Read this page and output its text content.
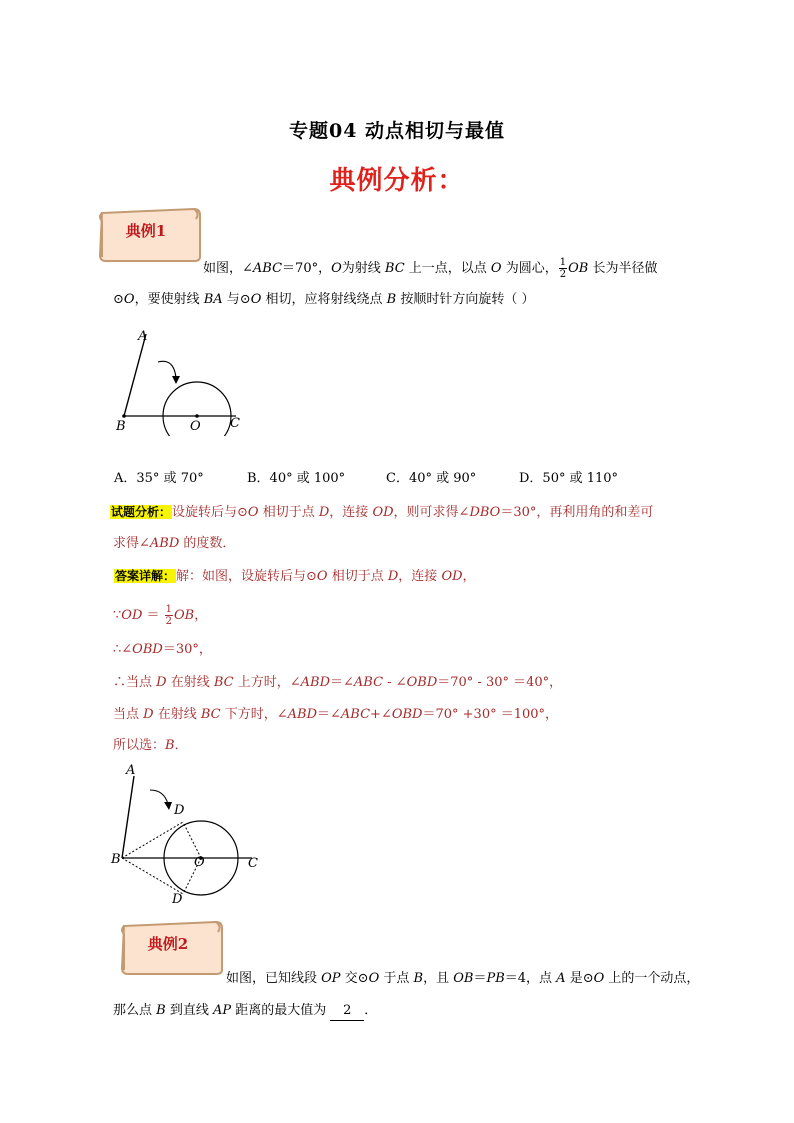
专题04 动点相切与最值
典例分析：
典例1
如图，∠ABC＝70°，O为射线 BC 上一点，以点 O 为圆心， $\frac{1}{2}$ OB 长为半径做
⊙O，要使射线 BA 与⊙O 相切，应将射线绕点 B 按顺时针方向旋转（ ）
A
B	O C
A．35° 或 70°	B．40° 或 100°	C．40° 或 90°	D．50° 或 110°
试题分析：设旋转后与⊙O 相切于点 D，连接 OD，则可求得∠DBO＝30°，再利用角的和差可
求得∠ABD 的度数．
答案详解：解：如图，设旋转后与⊙O 相切于点 D，连接 OD，
∵OD ＝ $\frac{1}{2}$ OB，
∴∠OBD＝30°，
∴当点 D 在射线 BC 上方时，∠ABD＝∠ABC ‐ ∠OBD＝70° ‐ 30° ＝40°，
当点 D 在射线 BC 下方时，∠ABD＝∠ABC+∠OBD＝70° +30° ＝100°，
所以选：B．
A
D
B	O	C
D
典例2
如图，已知线段 OP 交⊙O 于点 B，且 OB＝PB＝4，点 A 是⊙O 上的一个动点，
那么点 B 到直线 AP 距离的最大值为 2 ．
